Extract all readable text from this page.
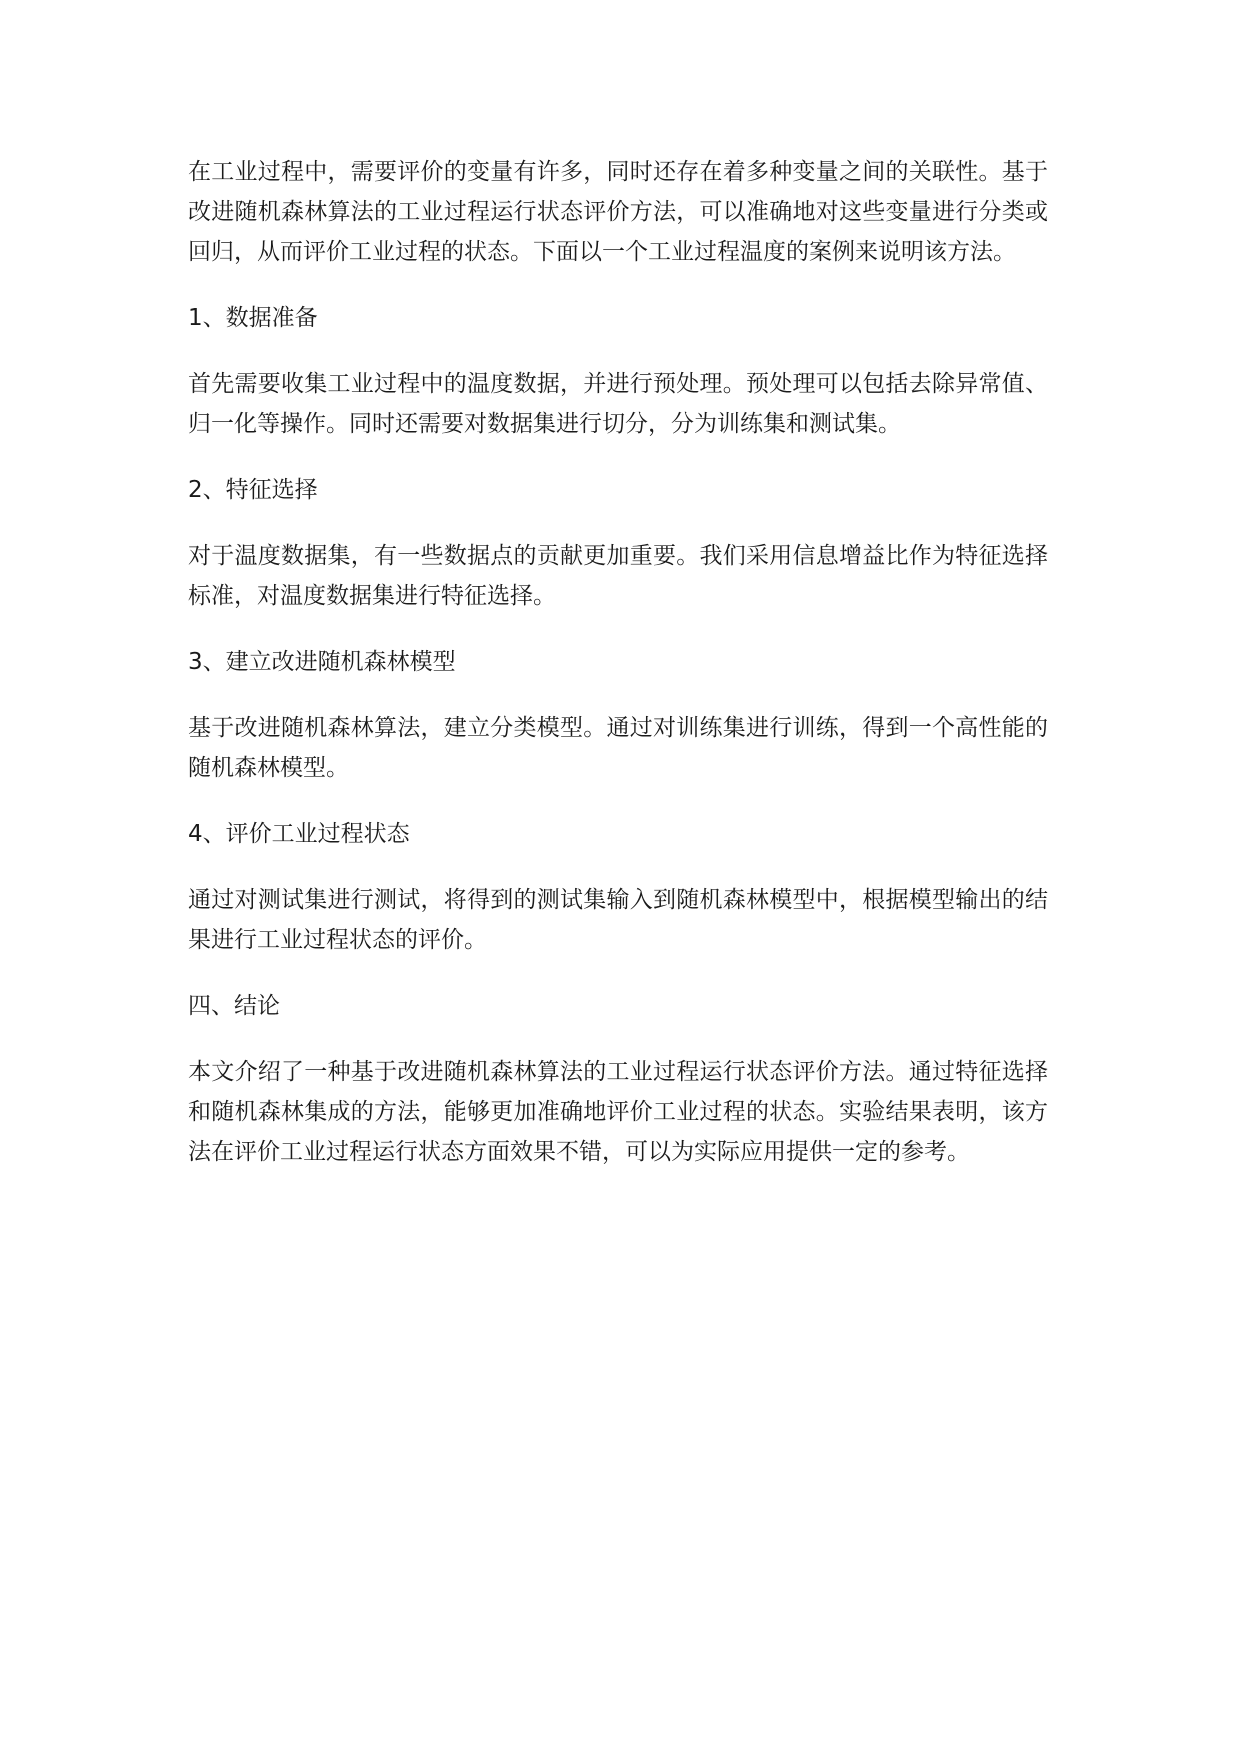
在工业过程中，需要评价的变量有许多，同时还存在着多种变量之间的关联性。基于改进随机森林算法的工业过程运行状态评价方法，可以准确地对这些变量进行分类或回归，从而评价工业过程的状态。下面以一个工业过程温度的案例来说明该方法。

1、数据准备

首先需要收集工业过程中的温度数据，并进行预处理。预处理可以包括去除异常值、归一化等操作。同时还需要对数据集进行切分，分为训练集和测试集。

2、特征选择

对于温度数据集，有一些数据点的贡献更加重要。我们采用信息增益比作为特征选择标准，对温度数据集进行特征选择。

3、建立改进随机森林模型

基于改进随机森林算法，建立分类模型。通过对训练集进行训练，得到一个高性能的随机森林模型。

4、评价工业过程状态

通过对测试集进行测试，将得到的测试集输入到随机森林模型中，根据模型输出的结果进行工业过程状态的评价。

四、结论

本文介绍了一种基于改进随机森林算法的工业过程运行状态评价方法。通过特征选择和随机森林集成的方法，能够更加准确地评价工业过程的状态。实验结果表明，该方法在评价工业过程运行状态方面效果不错，可以为实际应用提供一定的参考。
